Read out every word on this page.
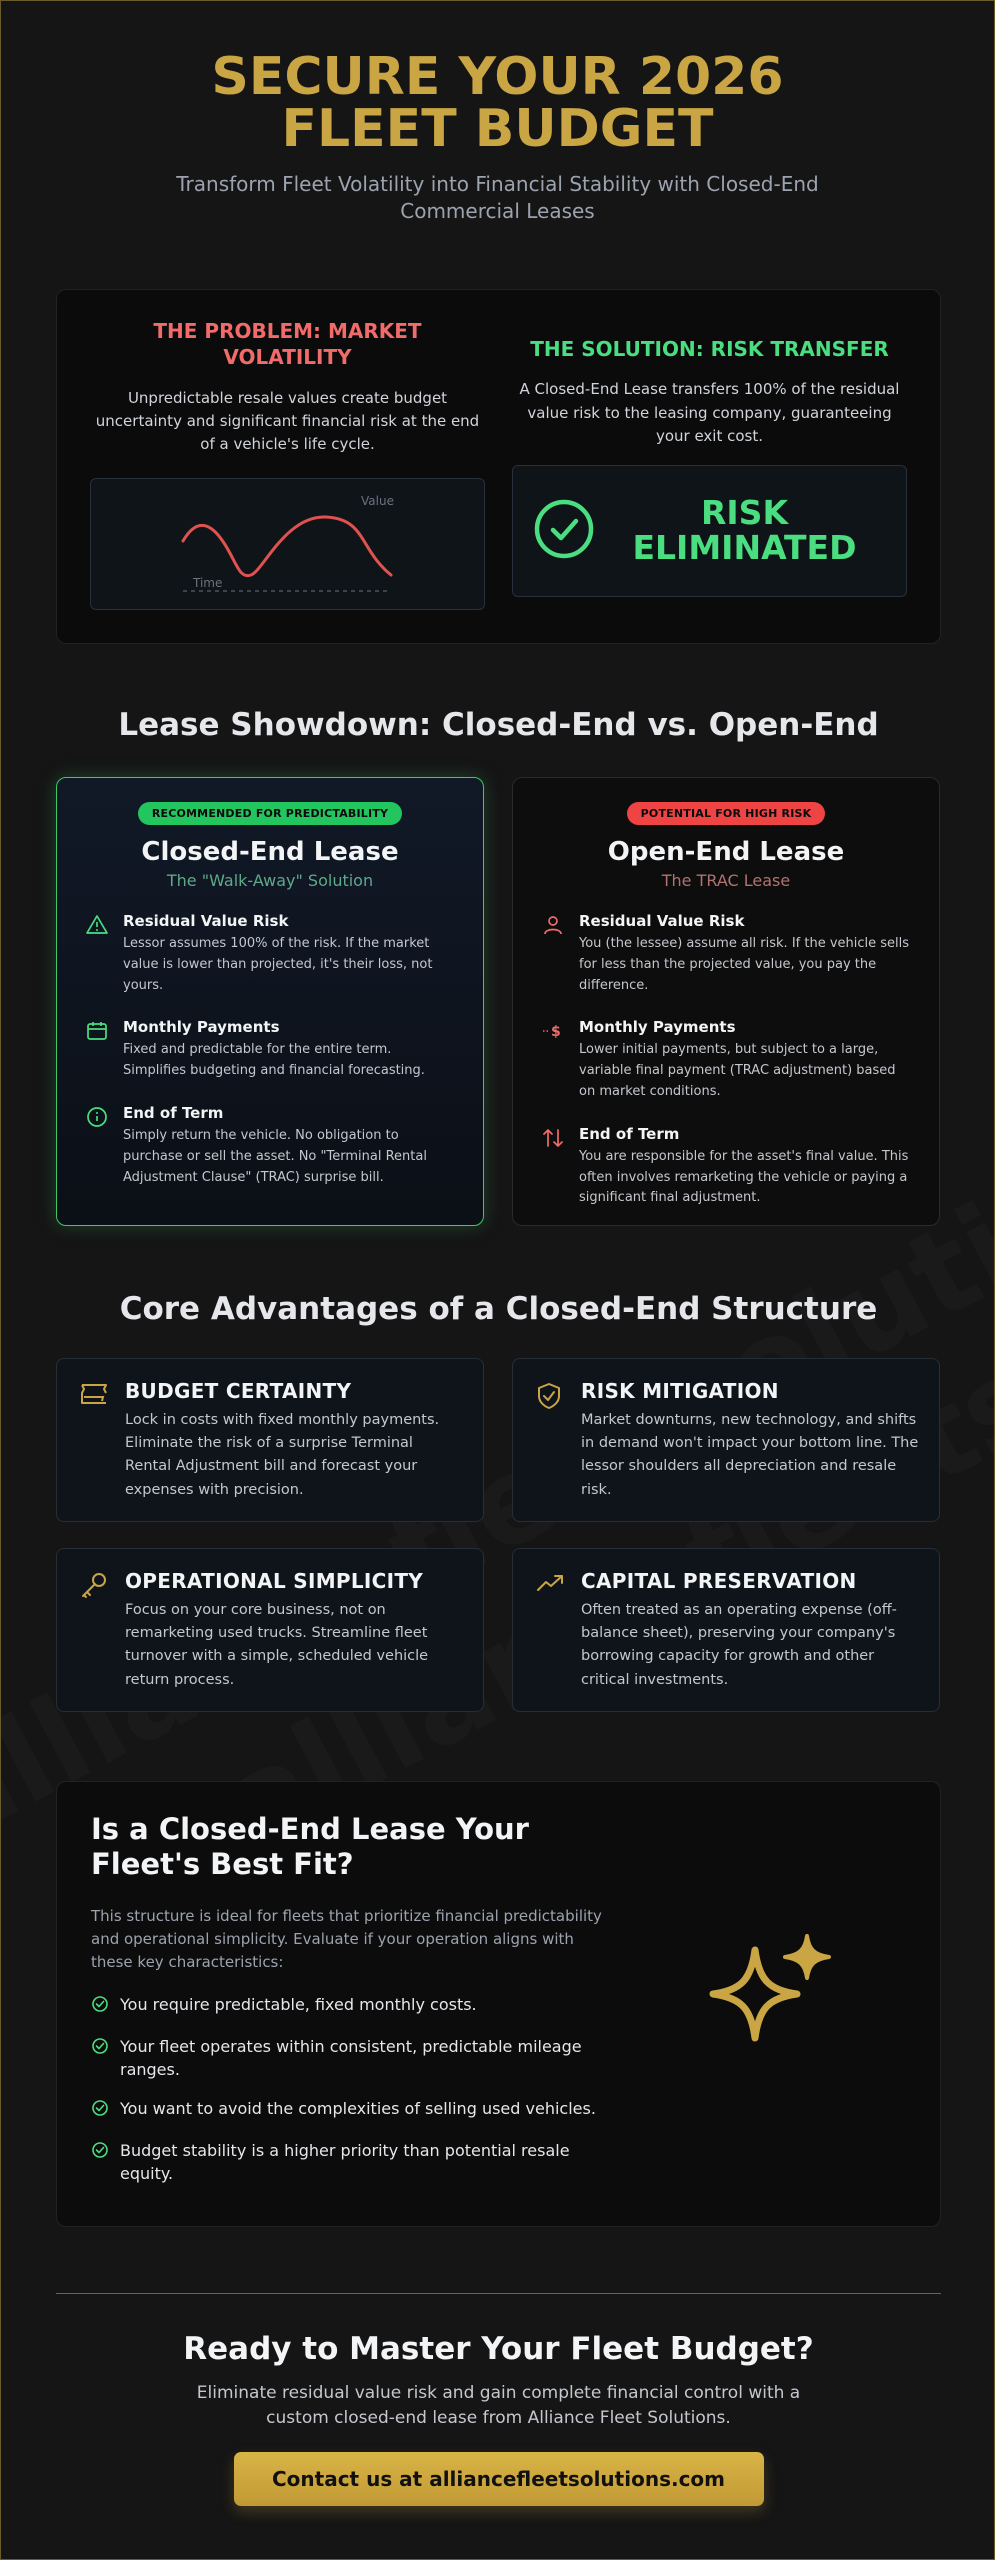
SECURE YOUR 2026 FLEET BUDGET

Transform Fleet Volatility into Financial Stability with Closed-End Commercial Leases

THE PROBLEM: MARKET VOLATILITY

Unpredictable resale values create budget uncertainty and significant financial risk at the end of a vehicle's life cycle.

Value
Time
THE SOLUTION: RISK TRANSFER

A Closed-End Lease transfers 100% of the residual value risk to the leasing company, guaranteeing your exit cost.

RISK
ELIMINATED
Lease Showdown: Closed-End vs. Open-End
RECOMMENDED FOR PREDICTABILITY
Closed-End Lease
The "Walk-Away" Solution
Residual Value Risk

Lessor assumes 100% of the risk. If the market value is lower than projected, it's their loss, not yours.

Monthly Payments

Fixed and predictable for the entire term. Simplifies budgeting and financial forecasting.

End of Term

Simply return the vehicle. No obligation to purchase or sell the asset. No "Terminal Rental Adjustment Clause" (TRAC) surprise bill.

POTENTIAL FOR HIGH RISK
Open-End Lease
The TRAC Lease
Residual Value Risk

You (the lessee) assume all risk. If the vehicle sells for less than the projected value, you pay the difference.

$ Monthly Payments

Lower initial payments, but subject to a large, variable final payment (TRAC adjustment) based on market conditions.

End of Term

You are responsible for the asset's final value. This often involves remarketing the vehicle or paying a significant final adjustment.

Core Advantages of a Closed-End Structure
BUDGET CERTAINTY

Lock in costs with fixed monthly payments. Eliminate the risk of a surprise Terminal Rental Adjustment bill and forecast your expenses with precision.

RISK MITIGATION

Market downturns, new technology, and shifts in demand won't impact your bottom line. The lessor shoulders all depreciation and resale risk.

OPERATIONAL SIMPLICITY

Focus on your core business, not on remarketing used trucks. Streamline fleet turnover with a simple, scheduled vehicle return process.

CAPITAL PRESERVATION

Often treated as an operating expense (off-balance sheet), preserving your company's borrowing capacity for growth and other critical investments.

Is a Closed-End Lease Your Fleet's Best Fit?

This structure is ideal for fleets that prioritize financial predictability and operational simplicity. Evaluate if your operation aligns with these key characteristics:

You require predictable, fixed monthly costs.
Your fleet operates within consistent, predictable mileage ranges.
You want to avoid the complexities of selling used vehicles.
Budget stability is a higher priority than potential resale equity.
Ready to Master Your Fleet Budget?

Eliminate residual value risk and gain complete financial control with a custom closed-end lease from Alliance Fleet Solutions.

Contact us at alliancefleetsolutions.com
